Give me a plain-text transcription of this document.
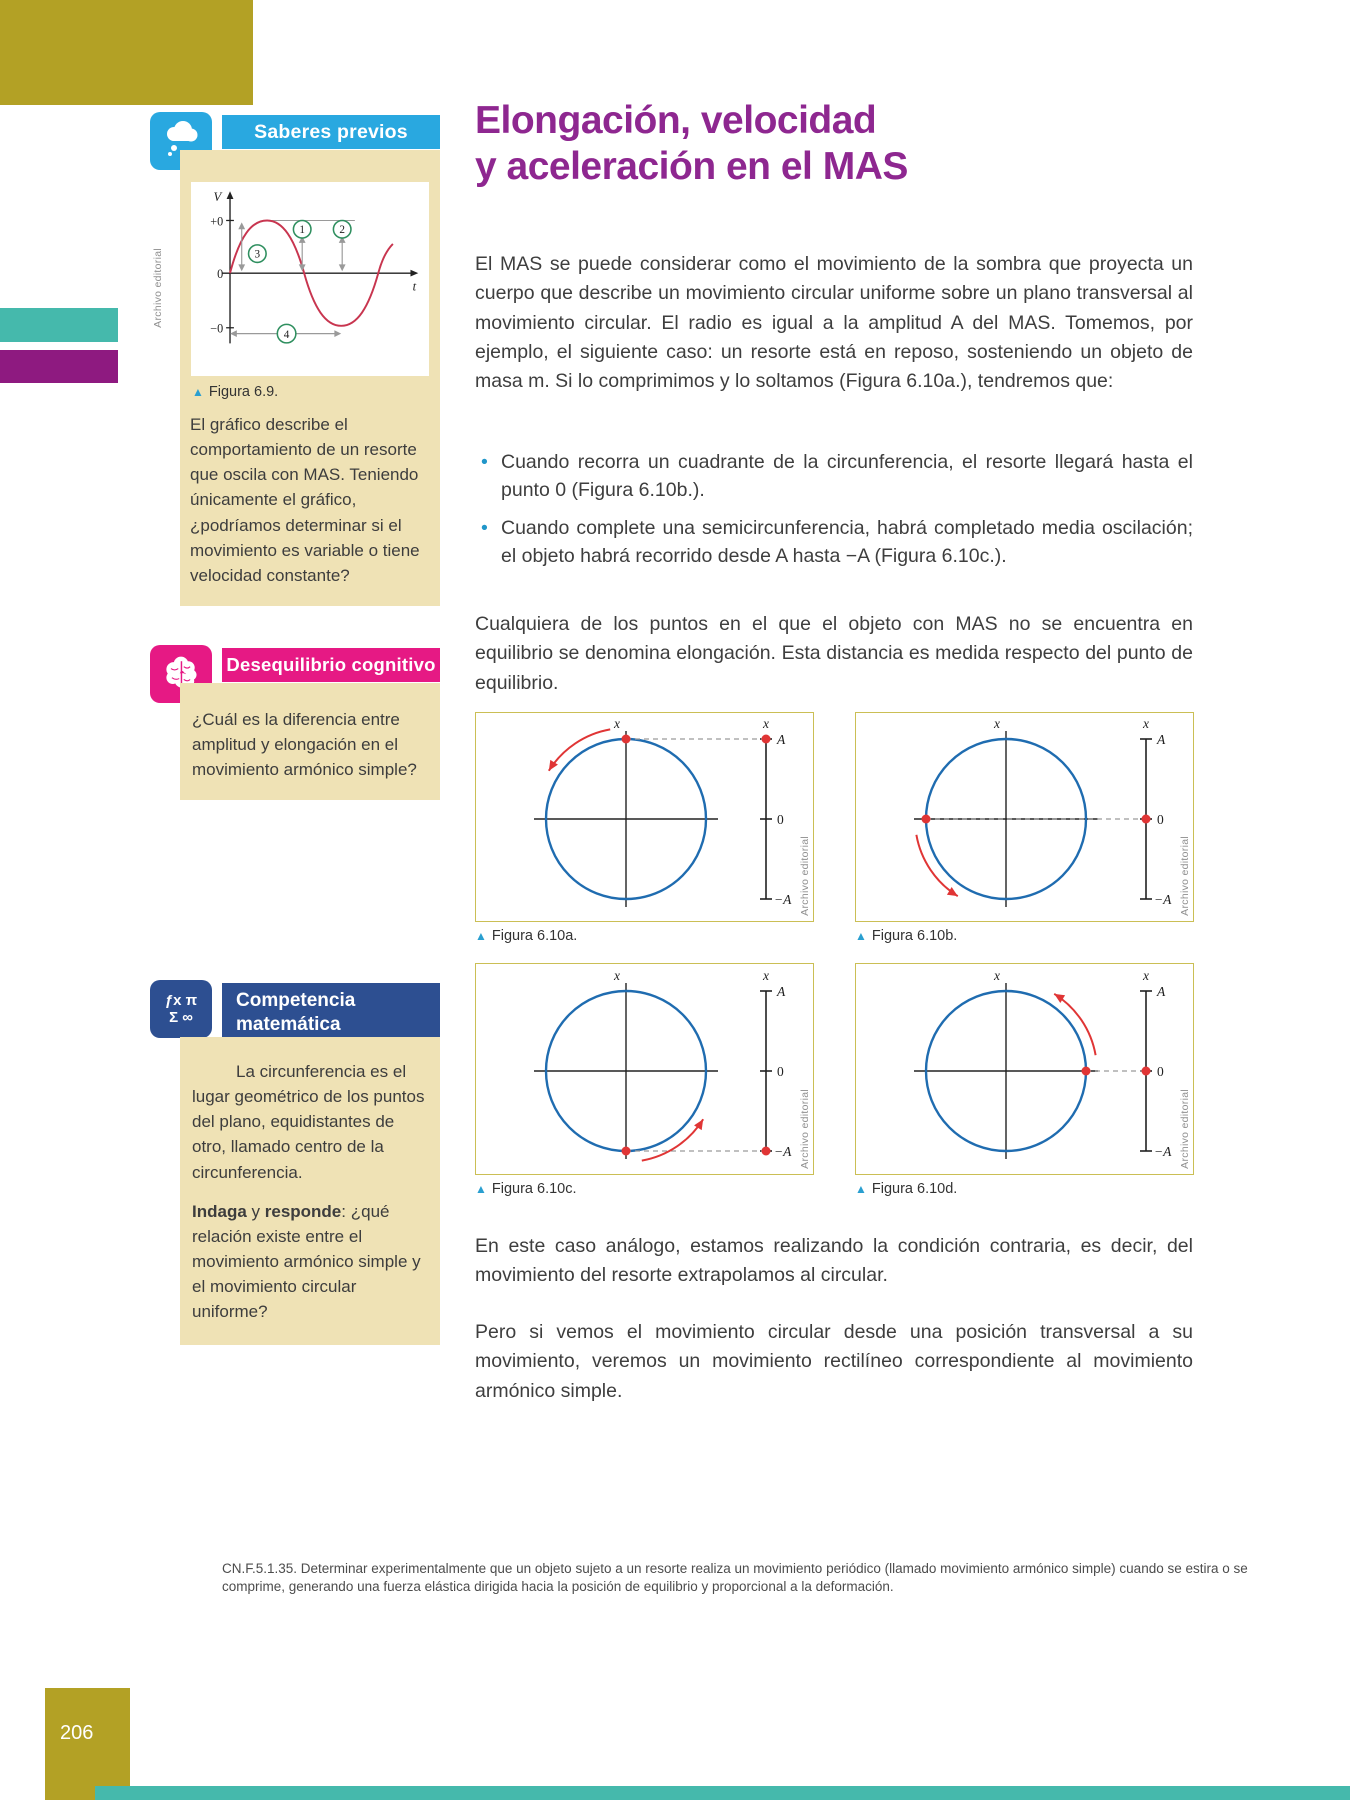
206
Saberes previos
V
t
+0
0
−0
3
1	2
4
▲ Figura 6.9.
El gráfico describe el comportamiento de un resorte que oscila con MAS. Teniendo únicamente el gráfico, ¿podríamos determinar si el movimiento es variable o tiene velocidad constante?
Archivo editorial
Desequilibrio cognitivo
¿Cuál es la diferencia entre amplitud y elongación en el movimiento armónico simple?
ƒx π
Σ ∞
Competencia
matemática
La circunferencia es el lugar geométrico de los puntos del plano, equidistantes de otro, llamado centro de la circunferencia.
Indaga y responde: ¿qué relación existe entre el movimiento armónico simple y el movimiento circular uniforme?
Elongación, velocidad
y aceleración en el MAS

El MAS se puede considerar como el movimiento de la sombra que proyecta un cuerpo que describe un movimiento circular uniforme sobre un plano transversal al movimiento circular. El radio es igual a la amplitud A del MAS. Tomemos, por ejemplo, el siguiente caso: un resorte está en reposo, sosteniendo un objeto de masa m. Si lo comprimimos y lo soltamos (Figura 6.10a.), tendremos que:

• Cuando recorra un cuadrante de la circunferencia, el resorte llegará hasta el punto 0 (Figura 6.10b.).
• Cuando complete una semicircunferencia, habrá completado media oscilación; el objeto habrá recorrido desde A hasta −A (Figura 6.10c.).

Cualquiera de los puntos en el que el objeto con MAS no se encuentra en equilibrio se denomina elongación. Esta distancia es medida respecto del punto de equilibrio.

x	x
A
0
−A Archivo editorial
x	x
A
0
−A Archivo editorial
▲ Figura 6.10a.	▲ Figura 6.10b.
x	x
A
0
−A Archivo editorial
x	x
A
0
−A Archivo editorial
▲ Figura 6.10c.	▲ Figura 6.10d.

En este caso análogo, estamos realizando la condición contraria, es decir, del movimiento del resorte extrapolamos al circular.

Pero si vemos el movimiento circular desde una posición transversal a su movimiento, veremos un movimiento rectilíneo correspondiente al movimiento armónico simple.

CN.F.5.1.35. Determinar experimentalmente que un objeto sujeto a un resorte realiza un movimiento periódico (llamado movimiento armónico simple) cuando se estira o se comprime, generando una fuerza elástica dirigida hacia la posición de equilibrio y proporcional a la deformación.
